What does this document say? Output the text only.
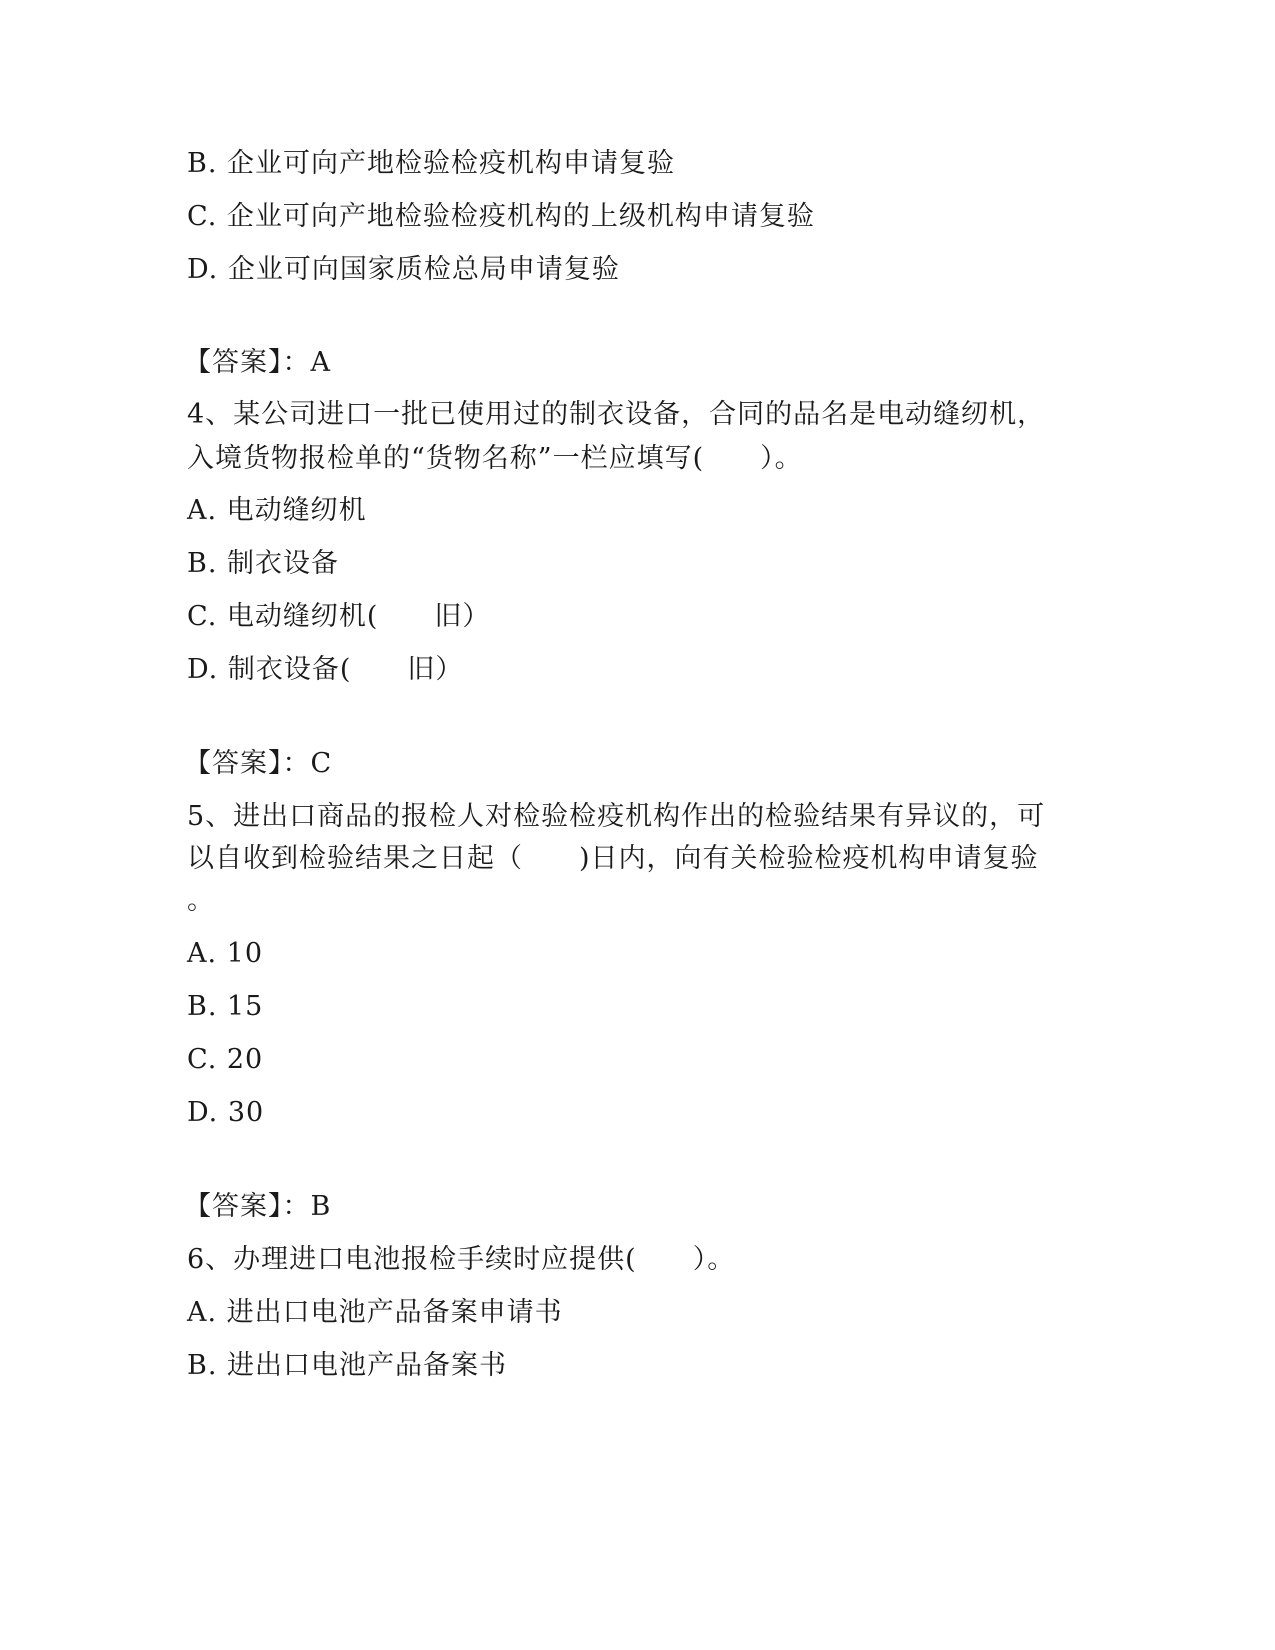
B. 企业可向产地检验检疫机构申请复验
C. 企业可向产地检验检疫机构的上级机构申请复验
D. 企业可向国家质检总局申请复验
【答案】：A
4、某公司进口一批已使用过的制衣设备，合同的品名是电动缝纫机，
入境货物报检单的“货物名称”一栏应填写(　　）。
A. 电动缝纫机
B. 制衣设备
C. 电动缝纫机(　　旧）
D. 制衣设备(　　旧）
【答案】：C
5、进出口商品的报检人对检验检疫机构作出的检验结果有异议的，可
以自收到检验结果之日起（　　)日内，向有关检验检疫机构申请复验
。
A. 10
B. 15
C. 20
D. 30
【答案】：B
6、办理进口电池报检手续时应提供(　　）。
A. 进出口电池产品备案申请书
B. 进出口电池产品备案书
